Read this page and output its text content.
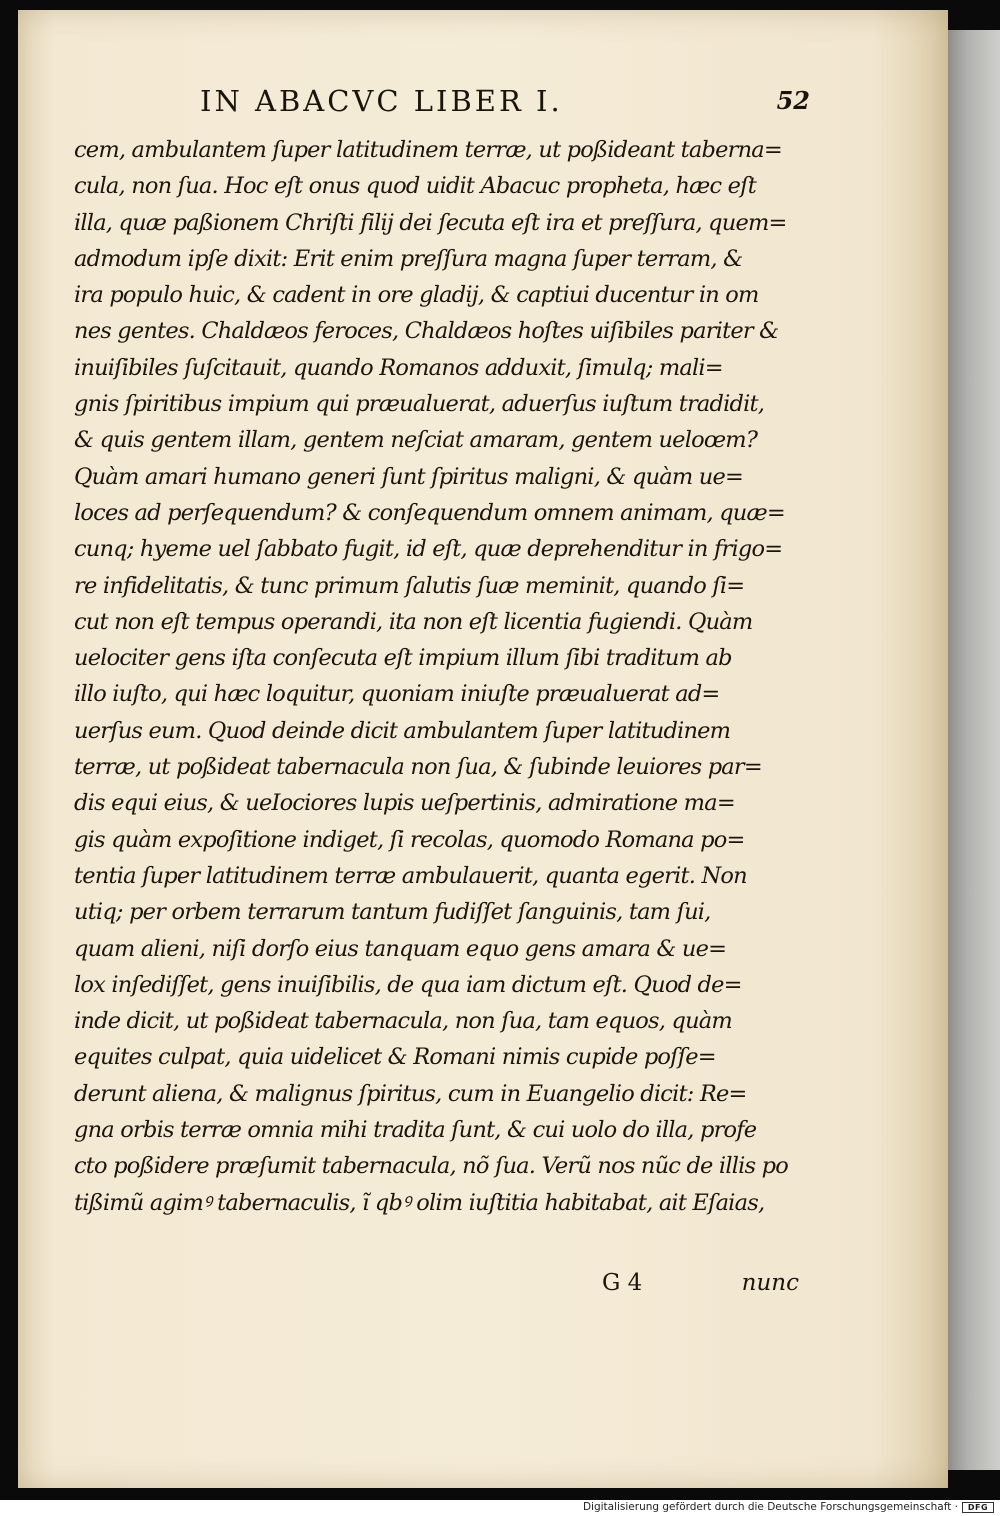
IN ABACVC LIBER I.	52
cem, ambulantem ſuper latitudinem terræ, ut poßideant taberna=
cula, non ſua. Hoc eſt onus quod uidit Abacuc propheta, hæc eſt
illa, quæ paßionem Chriſti filij dei ſecuta eſt ira et preſſura, quem=
admodum ipſe dixit: Erit enim preſſura magna ſuper terram, &
ira populo huic, & cadent in ore gladij, & captiui ducentur in om
nes gentes. Chaldæos feroces, Chaldæos hoſtes uiſibiles pariter &
inuiſibiles ſuſcitauit, quando Romanos adduxit, ſimulq; mali=
gnis ſpiritibus impium qui præualuerat, aduerſus iuſtum tradidit,
& quis gentem illam, gentem neſciat amaram, gentem ueloœm?
Quàm amari humano generi ſunt ſpiritus maligni, & quàm ue=
loces ad perſequendum? & conſequendum omnem animam, quæ=
cunq; hyeme uel ſabbato fugit, id eſt, quæ deprehenditur in frigo=
re infidelitatis, & tunc primum ſalutis ſuæ meminit, quando ſi=
cut non eſt tempus operandi, ita non eſt licentia fugiendi. Quàm
uelociter gens iſta conſecuta eſt impium illum ſibi traditum ab
illo iuſto, qui hæc loquitur, quoniam iniuſte præualuerat ad=
uerſus eum. Quod deinde dicit ambulantem ſuper latitudinem
terræ, ut poßideat tabernacula non ſua, & ſubinde leuiores par=
dis equi eius, & ueIociores lupis ueſpertinis, admiratione ma=
gis quàm expoſitione indiget, ſi recolas, quomodo Romana po=
tentia ſuper latitudinem terræ ambulauerit, quanta egerit. Non
utiq; per orbem terrarum tantum fudiſſet ſanguinis, tam ſui,
quam alieni, niſi dorſo eius tanquam equo gens amara & ue=
lox inſediſſet, gens inuiſibilis, de qua iam dictum eſt. Quod de=
inde dicit, ut poßideat tabernacula, non ſua, tam equos, quàm
equites culpat, quia uidelicet & Romani nimis cupide poſſe=
derunt aliena, & malignus ſpiritus, cum in Euangelio dicit: Re=
gna orbis terræ omnia mihi tradita ſunt, & cui uolo do illa, profe
cto poßidere præſumit tabernacula, nõ ſua. Verũ nos nũc de illis po
tißimũ agimꝰ tabernaculis, ĩ qbꝰ olim iuſtitia habitabat, ait Eſaias,
G 4	nunc
Digitalisierung gefördert durch die Deutsche Forschungsgemeinschaft ·	DFG
